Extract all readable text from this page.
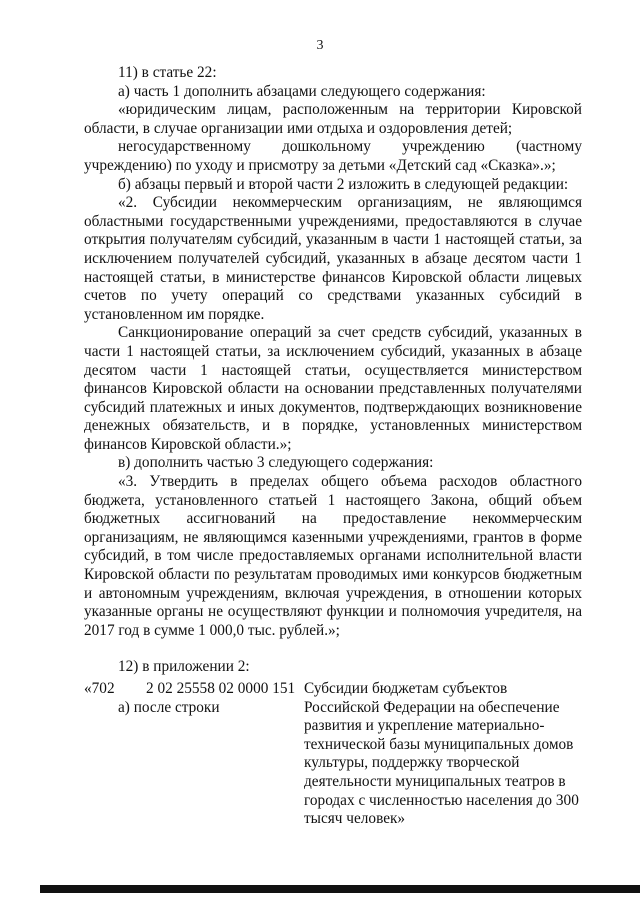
3

11) в статье 22:

а) часть 1 дополнить абзацами следующего содержания:

«юридическим лицам, расположенным на территории Кировской области, в случае организации ими отдыха и оздоровления детей;

негосударственному дошкольному учреждению (частному учреждению) по уходу и присмотру за детьми «Детский сад «Сказка».»;

б) абзацы первый и второй части 2 изложить в следующей редакции:

«2. Субсидии некоммерческим организациям, не являющимся областными государственными учреждениями, предоставляются в случае открытия получателям субсидий, указанным в части 1 настоящей статьи, за исключением получателей субсидий, указанных в абзаце десятом части 1 настоящей статьи, в министерстве финансов Кировской области лицевых счетов по учету операций со средствами указанных субсидий в установленном им порядке.

Санкционирование операций за счет средств субсидий, указанных в части 1 настоящей статьи, за исключением субсидий, указанных в абзаце десятом части 1 настоящей статьи, осуществляется министерством финансов Кировской области на основании представленных получателями субсидий платежных и иных документов, подтверждающих возникновение денежных обязательств, и в порядке, установленных министерством финансов Кировской области.»;

в) дополнить частью 3 следующего содержания:

«3. Утвердить в пределах общего объема расходов областного бюджета, установленного статьей 1 настоящего Закона, общий объем бюджетных ассигнований на предоставление некоммерческим организациям, не являющимся казенными учреждениями, грантов в форме субсидий, в том числе предоставляемых органами исполнительной власти Кировской области по результатам проводимых ими конкурсов бюджетным и автономным учреждениям, включая учреждения, в отношении которых указанные органы не осуществляют функции и полномочия учредителя, на 2017 год в сумме 1 000,0 тыс. рублей.»;

12) в приложении 2:

а) после строки

«702 2 02 25558 02 0000 151 Субсидии бюджетам субъектов Российской Федерации на обеспечение развития и укрепление материально-технической базы муниципальных домов культуры, поддержку творческой деятельности муниципальных театров в городах с численностью населения до 300 тысяч человек»
